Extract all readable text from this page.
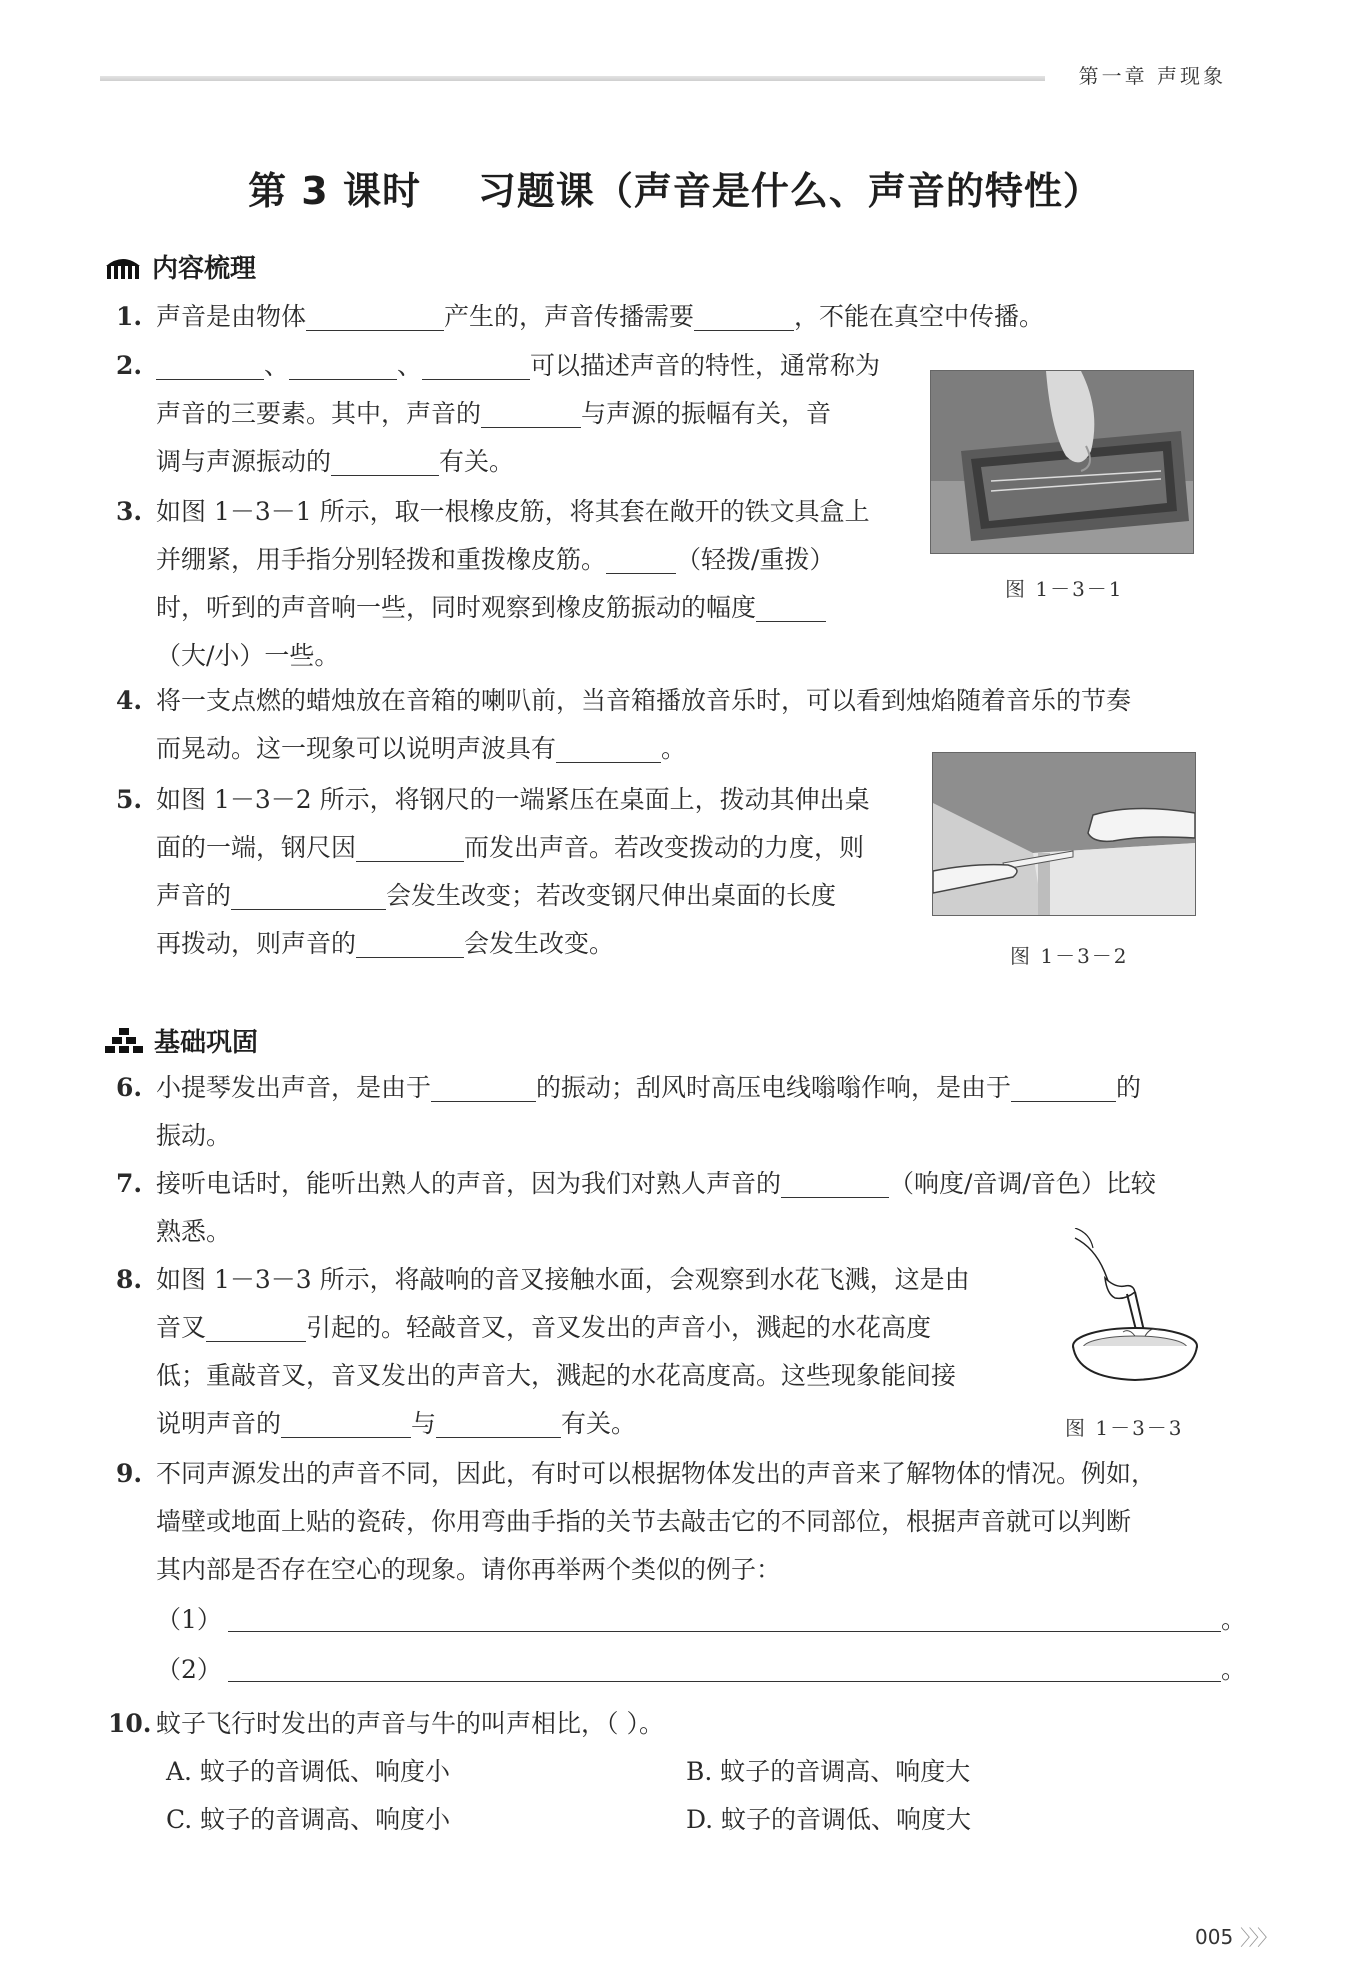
第一章 声现象
第 3 课时    习题课（声音是什么、声音的特性）
内容梳理
1. 声音是由物体	产生的，声音传播需要	，不能在真空中传播。
2.	、	、	可以描述声音的特性，通常称为
声音的三要素。其中，声音的	与声源的振幅有关，音
调与声源振动的	有关。
图 1－3－1
3. 如图 1－3－1 所示，取一根橡皮筋，将其套在敞开的铁文具盒上
并绷紧，用手指分别轻拨和重拨橡皮筋。	（轻拨/重拨）
时，听到的声音响一些，同时观察到橡皮筋振动的幅度
（大/小）一些。
4. 将一支点燃的蜡烛放在音箱的喇叭前，当音箱播放音乐时，可以看到烛焰随着音乐的节奏
而晃动。这一现象可以说明声波具有	。
图 1－3－2
5. 如图 1－3－2 所示，将钢尺的一端紧压在桌面上，拨动其伸出桌
面的一端，钢尺因	而发出声音。若改变拨动的力度，则
声音的	会发生改变；若改变钢尺伸出桌面的长度
再拨动，则声音的	会发生改变。
基础巩固
6. 小提琴发出声音，是由于	的振动；刮风时高压电线嗡嗡作响，是由于	的
振动。
7. 接听电话时，能听出熟人的声音，因为我们对熟人声音的	（响度/音调/音色）比较
熟悉。
图 1－3－3
8. 如图 1－3－3 所示，将敲响的音叉接触水面，会观察到水花飞溅，这是由
音叉	引起的。轻敲音叉，音叉发出的声音小，溅起的水花高度
低；重敲音叉，音叉发出的声音大，溅起的水花高度高。这些现象能间接
说明声音的	与	有关。
9. 不同声源发出的声音不同，因此，有时可以根据物体发出的声音来了解物体的情况。例如，
墙壁或地面上贴的瓷砖，你用弯曲手指的关节去敲击它的不同部位，根据声音就可以判断
其内部是否存在空心的现象。请你再举两个类似的例子：
（1）	。
（2）	。
10. 蚊子飞行时发出的声音与牛的叫声相比，（ ）。
A. 蚊子的音调低、响度小	B. 蚊子的音调高、响度大
C. 蚊子的音调高、响度小	D. 蚊子的音调低、响度大
005 〉〉〉
